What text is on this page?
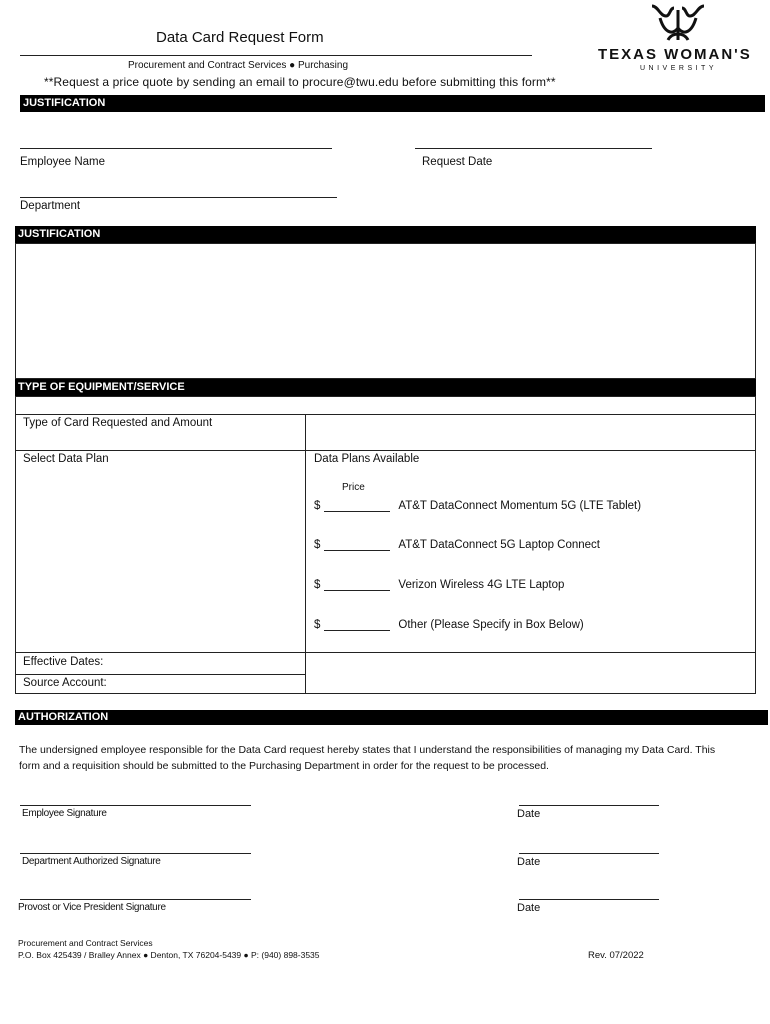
Data Card Request Form
Procurement and Contract Services ● Purchasing
**Request a price quote by sending an email to procure@twu.edu before submitting this form**
TEXAS WOMAN'S
UNIVERSITY
JUSTIFICATION
Employee Name	Request Date
Department
JUSTIFICATION
TYPE OF EQUIPMENT/SERVICE
Type of Card Requested and Amount
Select Data Plan	Data Plans Available
Price
$	AT&T DataConnect Momentum 5G (LTE Tablet)
$	AT&T DataConnect 5G Laptop Connect
$	Verizon Wireless 4G LTE Laptop
$	Other (Please Specify in Box Below)
Effective Dates:
Source Account:
AUTHORIZATION
The undersigned employee responsible for the Data Card request hereby states that I understand the responsibilities of managing my Data Card. This form and a requisition should be submitted to the Purchasing Department in order for the request to be processed.
Employee Signature	Date
Department Authorized Signature	Date
Provost or Vice President Signature	Date
Procurement and Contract Services
P.O. Box 425439 / Bralley Annex ● Denton, TX 76204-5439 ● P: (940) 898-3535	Rev. 07/2022
